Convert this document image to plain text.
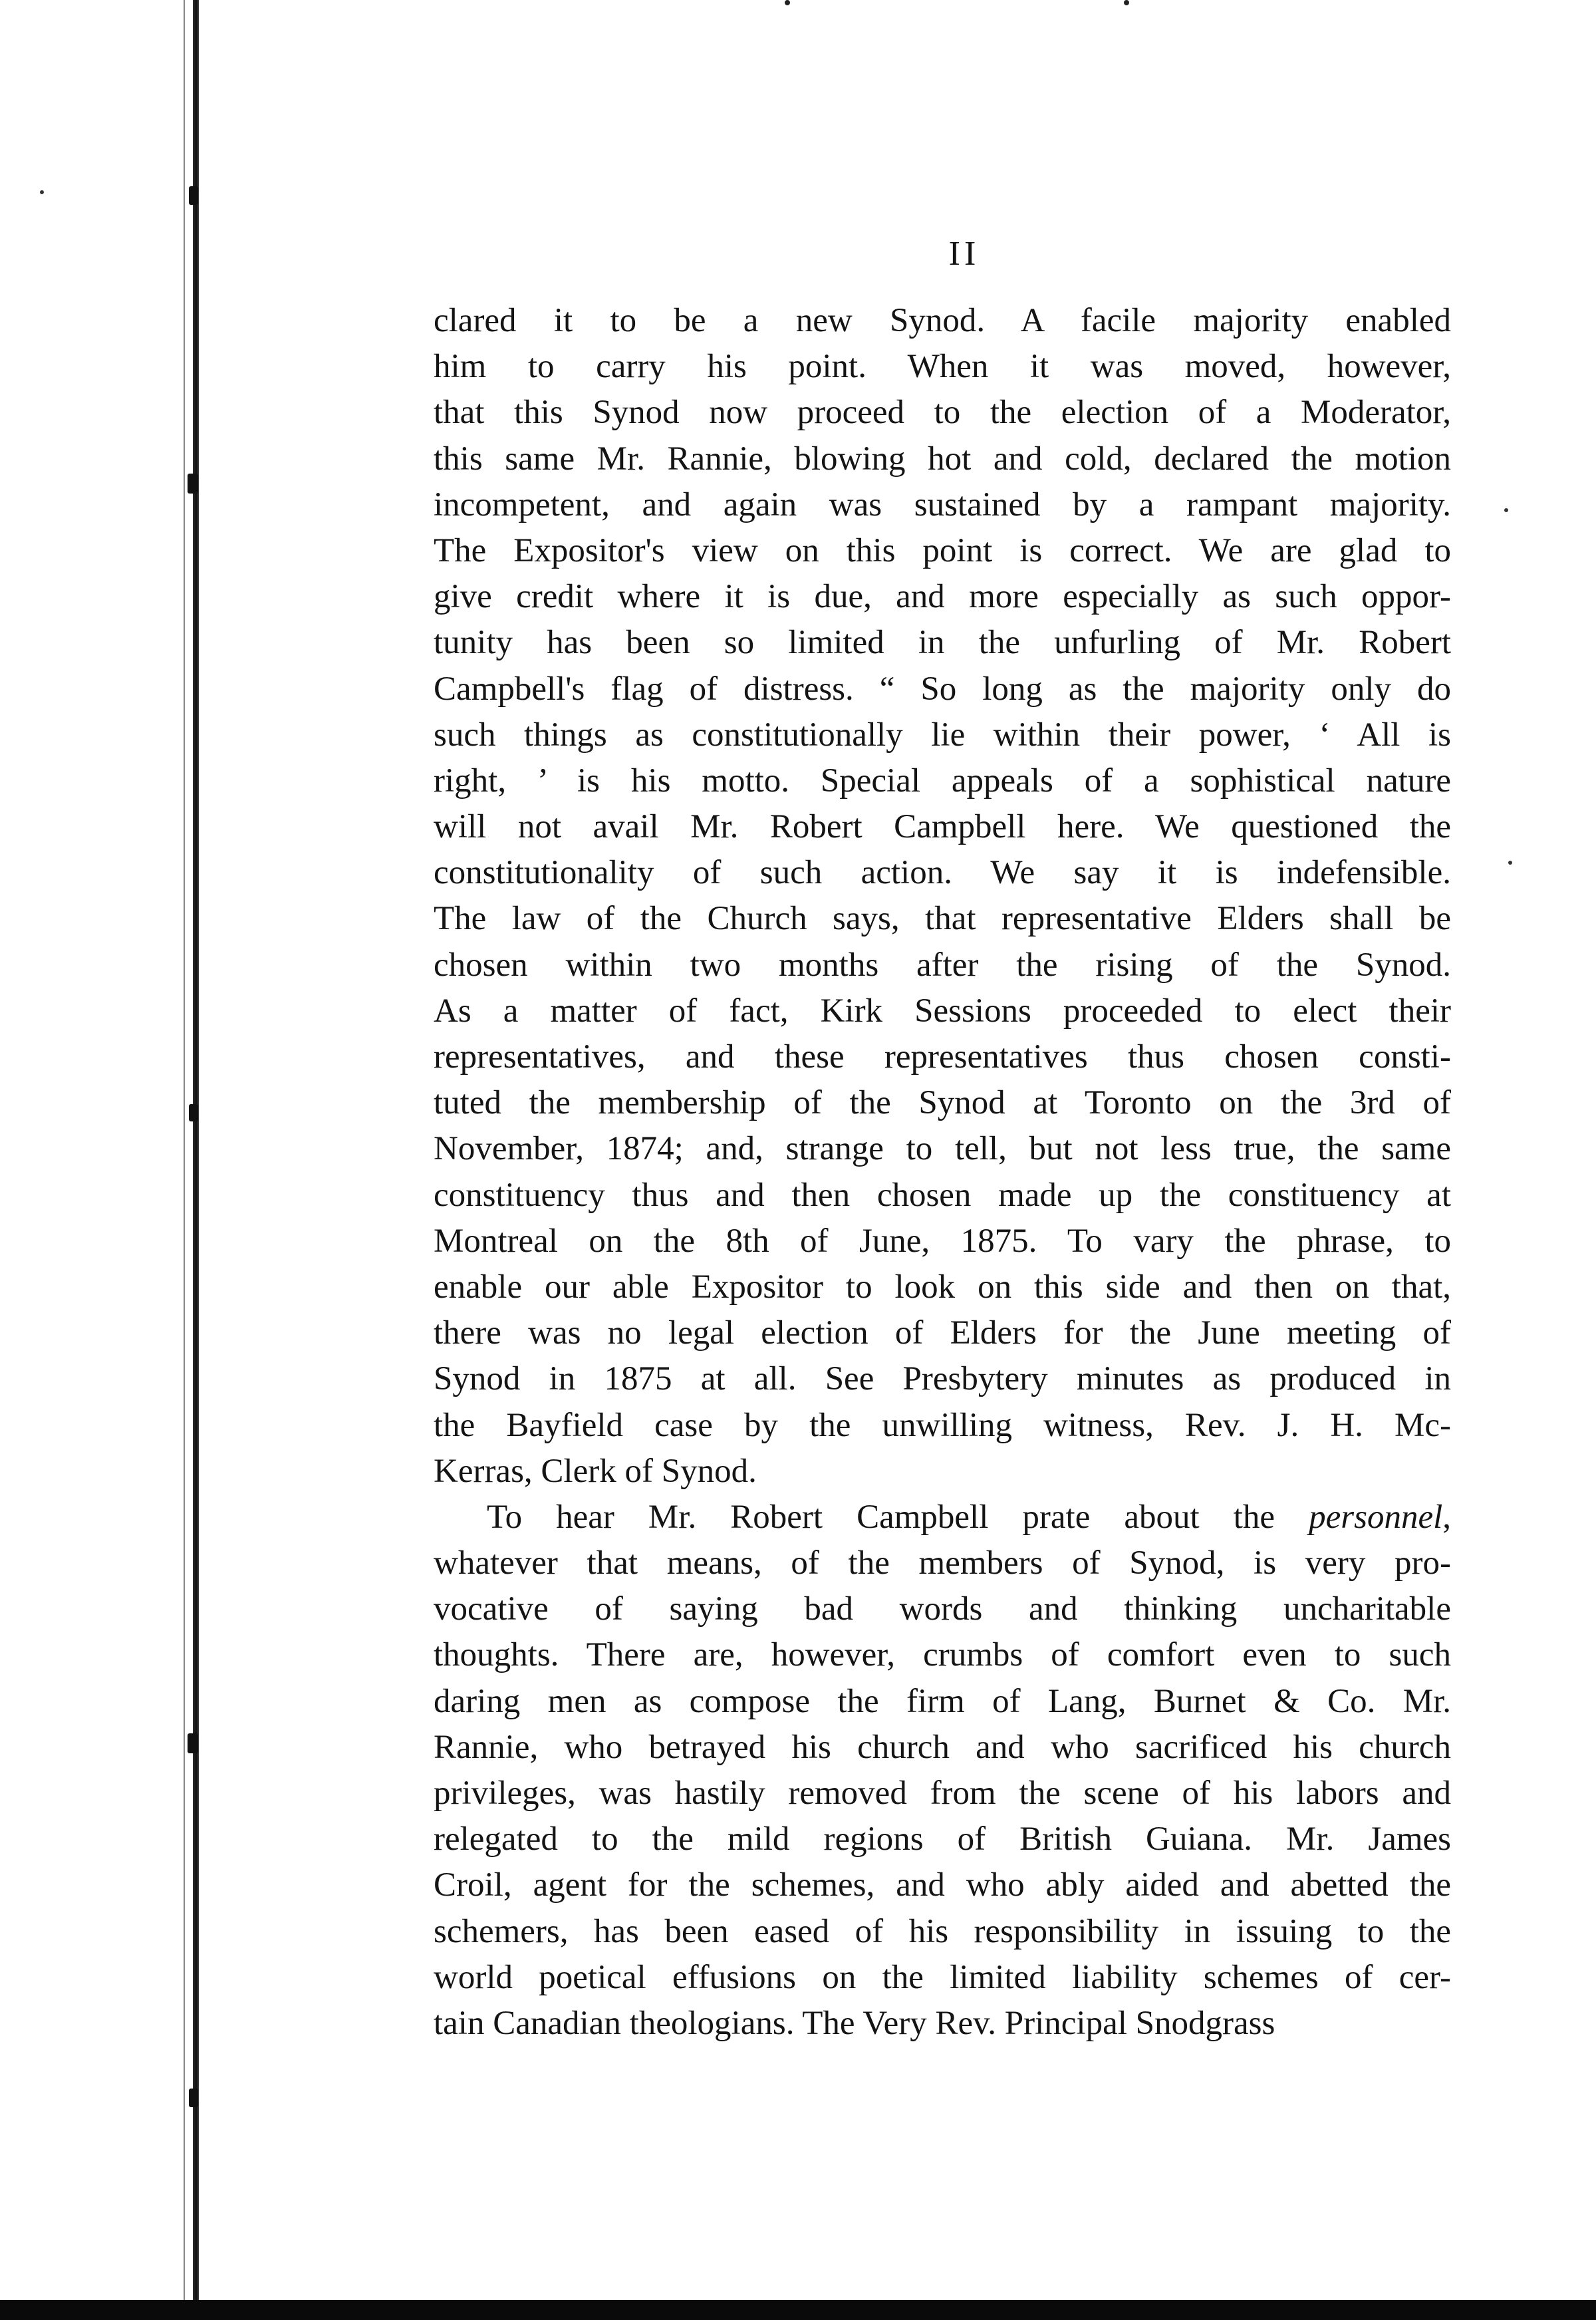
II
clared it to be a new Synod. A facile majority enabled
him to carry his point. When it was moved, however,
that this Synod now proceed to the election of a Moderator,
this same Mr. Rannie, blowing hot and cold, declared the motion
incompetent, and again was sustained by a rampant majority.
The Expositor's view on this point is correct. We are glad to
give credit where it is due, and more especially as such oppor-
tunity has been so limited in the unfurling of Mr. Robert
Campbell's flag of distress. “ So long as the majority only do
such things as constitutionally lie within their power, ‘ All is
right, ’ is his motto. Special appeals of a sophistical nature
will not avail Mr. Robert Campbell here. We questioned the
constitutionality of such action. We say it is indefensible.
The law of the Church says, that representative Elders shall be
chosen within two months after the rising of the Synod.
As a matter of fact, Kirk Sessions proceeded to elect their
representatives, and these representatives thus chosen consti-
tuted the membership of the Synod at Toronto on the 3rd of
November, 1874; and, strange to tell, but not less true, the same
constituency thus and then chosen made up the constituency at
Montreal on the 8th of June, 1875. To vary the phrase, to
enable our able Expositor to look on this side and then on that,
there was no legal election of Elders for the June meeting of
Synod in 1875 at all. See Presbytery minutes as produced in
the Bayfield case by the unwilling witness, Rev. J. H. Mc-
Kerras, Clerk of Synod.
To hear Mr. Robert Campbell prate about the personnel,
whatever that means, of the members of Synod, is very pro-
vocative of saying bad words and thinking uncharitable
thoughts. There are, however, crumbs of comfort even to such
daring men as compose the firm of Lang, Burnet & Co. Mr.
Rannie, who betrayed his church and who sacrificed his church
privileges, was hastily removed from the scene of his labors and
relegated to the mild regions of British Guiana. Mr. James
Croil, agent for the schemes, and who ably aided and abetted the
schemers, has been eased of his responsibility in issuing to the
world poetical effusions on the limited liability schemes of cer-
tain Canadian theologians. The Very Rev. Principal Snodgrass
